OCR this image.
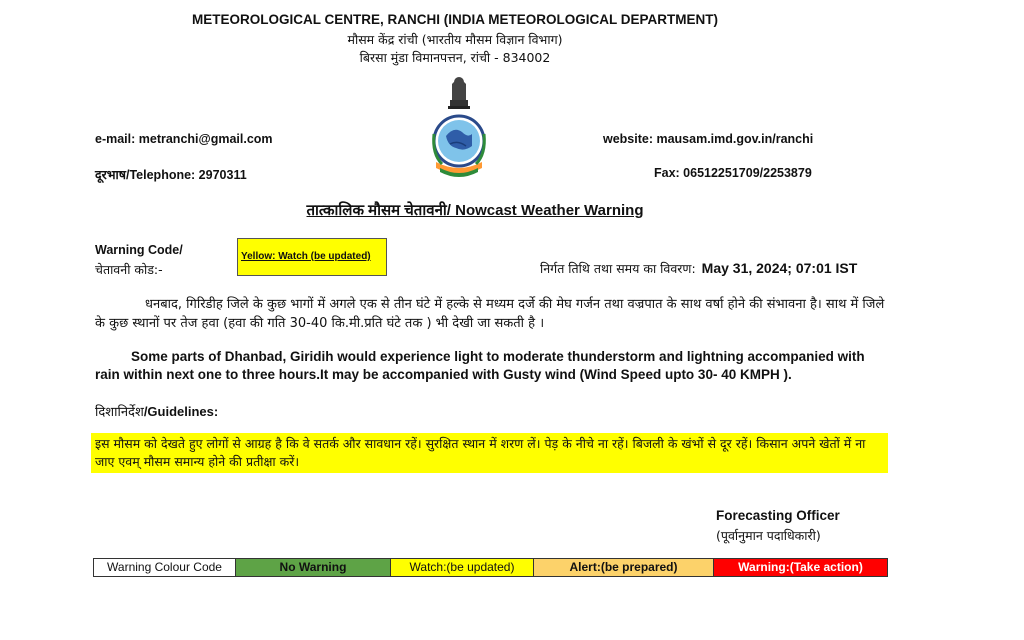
METEOROLOGICAL CENTRE, RANCHI (INDIA METEOROLOGICAL DEPARTMENT)
मौसम केंद्र रांची (भारतीय मौसम विज्ञान विभाग)
बिरसा मुंडा विमानपत्तन, रांची - 834002
e-mail: metranchi@gmail.com	website: mausam.imd.gov.in/ranchi
दूरभाष/Telephone: 2970311	Fax: 06512251709/2253879
तात्कालिक मौसम चेतावनी/ Nowcast Weather Warning
Warning Code/
चेतावनी कोड:-
Yellow: Watch (be updated)
निर्गत तिथि तथा समय का विवरण: May 31, 2024; 07:01 IST
धनबाद, गिरिडीह जिले के कुछ भागों में अगले एक से तीन घंटे में हल्के से मध्यम दर्जे की मेघ गर्जन तथा वज्रपात के साथ वर्षा होने की संभावना है। साथ में जिले के कुछ स्थानों पर तेज हवा (हवा की गति 30-40 कि.मी.प्रति घंटे तक ) भी देखी जा सकती है ।
Some parts of Dhanbad, Giridih would experience light to moderate thunderstorm and lightning accompanied with rain within next one to three hours.It may be accompanied with Gusty wind (Wind Speed upto 30- 40 KMPH ).
दिशानिर्देश/Guidelines:
इस मौसम को देखते हुए लोगों से आग्रह है कि वे सतर्क और सावधान रहें। सुरक्षित स्थान में शरण लें। पेड़ के नीचे ना रहें। बिजली के खंभों से दूर रहें। किसान अपने खेतों में ना जाए एवम् मौसम समान्य होने की प्रतीक्षा करें।
Forecasting Officer
(पूर्वानुमान पदाधिकारी)
Warning Colour Code	No Warning	Watch:(be updated)	Alert:(be prepared)	Warning:(Take action)
